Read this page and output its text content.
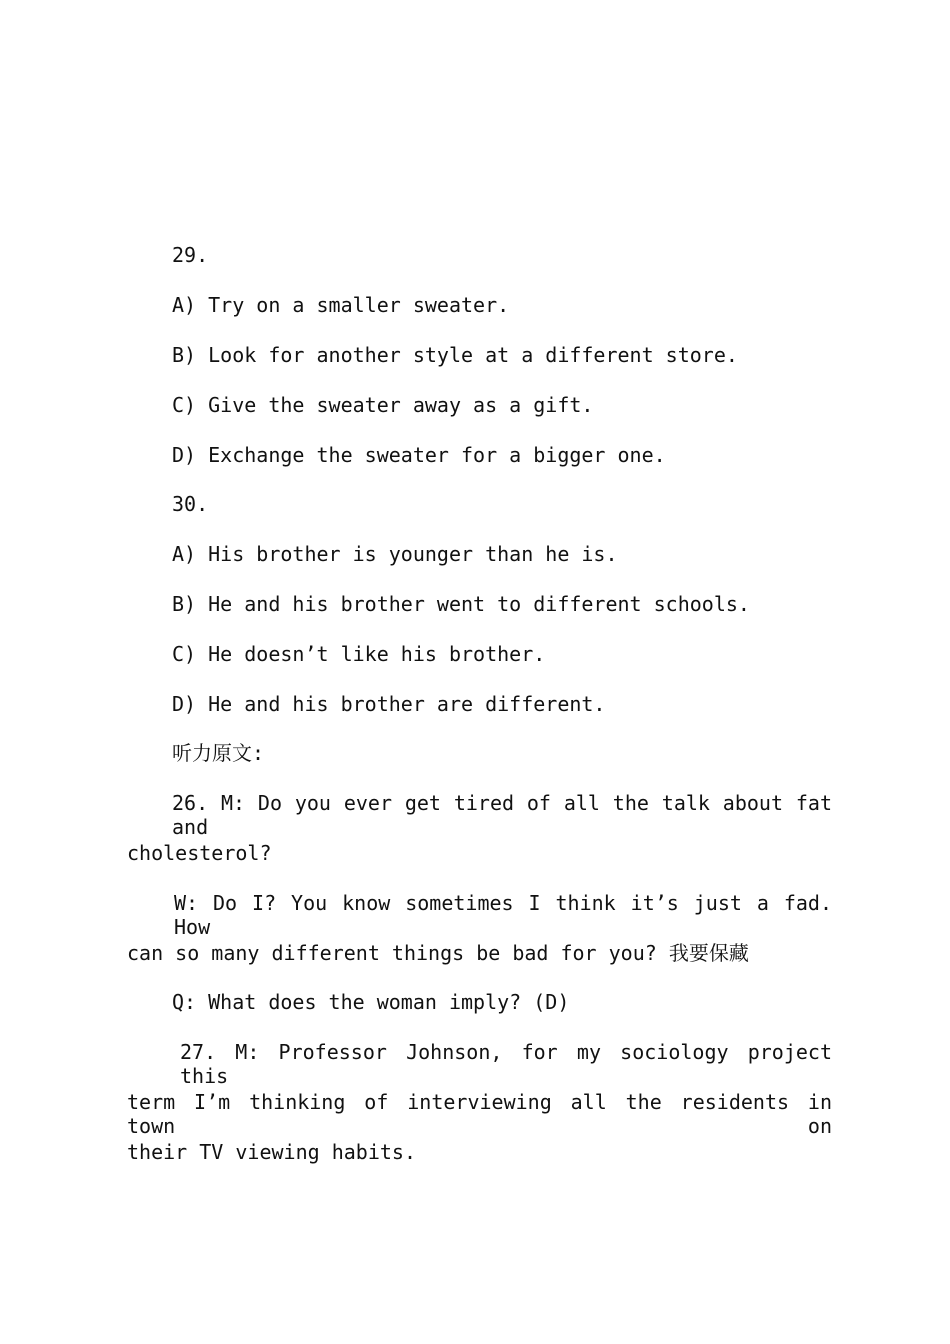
29.
A) Try on a smaller sweater.
B) Look for another style at a different store.
C) Give the sweater away as a gift.
D) Exchange the sweater for a bigger one.
30.
A) His brother is younger than he is.
B) He and his brother went to different schools.
C) He doesn’t like his brother.
D) He and his brother are different.
听力原文:
26. M: Do you ever get tired of all the talk about fat and
cholesterol?
W: Do I? You know sometimes I think it’s just a fad. How
can so many different things be bad for you? 我要保藏
Q: What does the woman imply? (D)
27. M: Professor Johnson, for my sociology project this
term I’m thinking of interviewing all the residents in town on
their TV viewing habits.
